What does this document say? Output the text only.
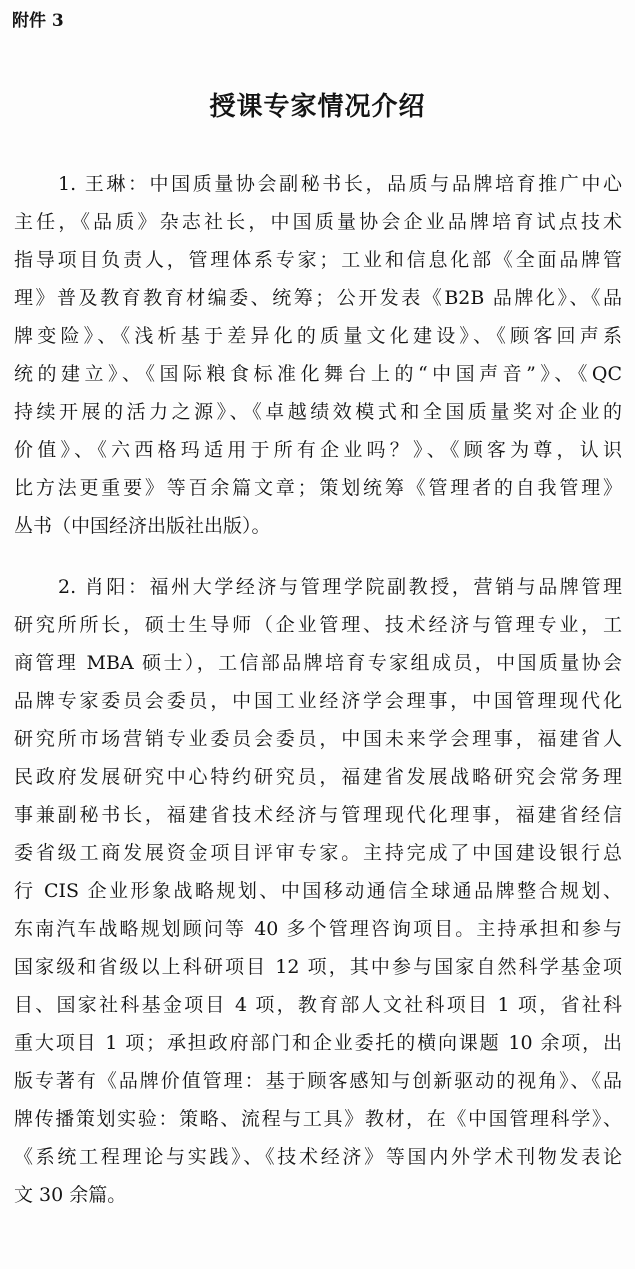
附件 3
授课专家情况介绍
1. 王琳：中国质量协会副秘书长，品质与品牌培育推广中心
主任，《品质》杂志社长，中国质量协会企业品牌培育试点技术
指导项目负责人，管理体系专家；工业和信息化部《全面品牌管
理》普及教育教育材编委、统筹；公开发表《B2B 品牌化》、《品
牌变险》、《浅析基于差异化的质量文化建设》、《顾客回声系
统的建立》、《国际粮食标准化舞台上的“中国声音”》、《QC
持续开展的活力之源》、《卓越绩效模式和全国质量奖对企业的
价值》、《六西格玛适用于所有企业吗？》、《顾客为尊，认识
比方法更重要》等百余篇文章；策划统筹《管理者的自我管理》
丛书（中国经济出版社出版）。
2. 肖阳：福州大学经济与管理学院副教授，营销与品牌管理
研究所所长，硕士生导师（企业管理、技术经济与管理专业，工
商管理 MBA 硕士），工信部品牌培育专家组成员，中国质量协会
品牌专家委员会委员，中国工业经济学会理事，中国管理现代化
研究所市场营销专业委员会委员，中国未来学会理事，福建省人
民政府发展研究中心特约研究员，福建省发展战略研究会常务理
事兼副秘书长，福建省技术经济与管理现代化理事，福建省经信
委省级工商发展资金项目评审专家。主持完成了中国建设银行总
行 CIS 企业形象战略规划、中国移动通信全球通品牌整合规划、
东南汽车战略规划顾问等 40 多个管理咨询项目。主持承担和参与
国家级和省级以上科研项目 12 项，其中参与国家自然科学基金项
目、国家社科基金项目 4 项，教育部人文社科项目 1 项，省社科
重大项目 1 项；承担政府部门和企业委托的横向课题 10 余项，出
版专著有《品牌价值管理：基于顾客感知与创新驱动的视角》、《品
牌传播策划实验：策略、流程与工具》教材，在《中国管理科学》、
《系统工程理论与实践》、《技术经济》等国内外学术刊物发表论
文 30 余篇。
